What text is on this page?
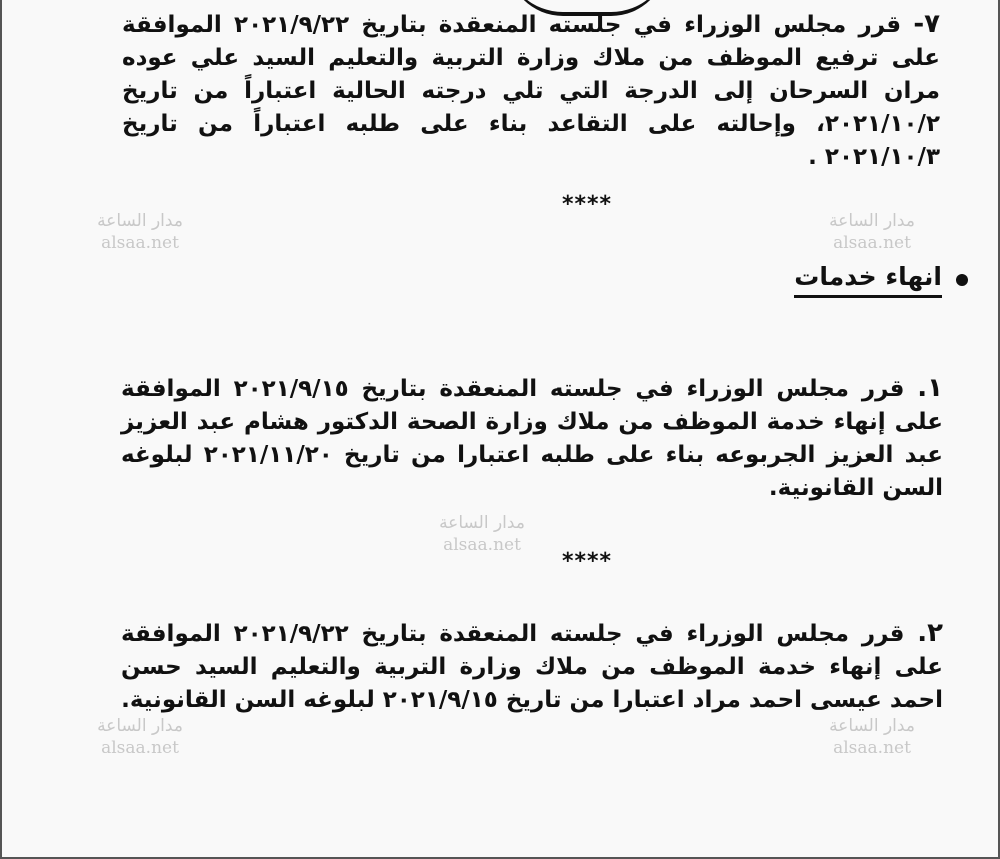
٧- قرر مجلس الوزراء في جلسته المنعقدة بتاريخ ٢٠٢١/٩/٢٢ الموافقة على ترفيع الموظف من ملاك وزارة التربية والتعليم السيد علي عوده مران السرحان إلى الدرجة التي تلي درجته الحالية اعتباراً من تاريخ ٢٠٢١/١٠/٢، وإحالته على التقاعد بناء على طلبه اعتباراً من تاريخ ٢٠٢١/١٠/٣ .

****
انهاء خدمات

١. قرر مجلس الوزراء في جلسته المنعقدة بتاريخ ٢٠٢١/٩/١٥ الموافقة على إنهاء خدمة الموظف من ملاك وزارة الصحة الدكتور هشام عبد العزيز عبد العزيز الجربوعه بناء على طلبه اعتبارا من تاريخ ٢٠٢١/١١/٢٠ لبلوغه السن القانونية.

****

٢. قرر مجلس الوزراء في جلسته المنعقدة بتاريخ ٢٠٢١/٩/٢٢ الموافقة على إنهاء خدمة الموظف من ملاك وزارة التربية والتعليم السيد حسن احمد عيسى احمد مراد اعتبارا من تاريخ ٢٠٢١/٩/١٥ لبلوغه السن القانونية.

مدار الساعة
alsaa.net
مدار الساعة
alsaa.net
مدار الساعة
alsaa.net
مدار الساعة
alsaa.net
مدار الساعة
alsaa.net
